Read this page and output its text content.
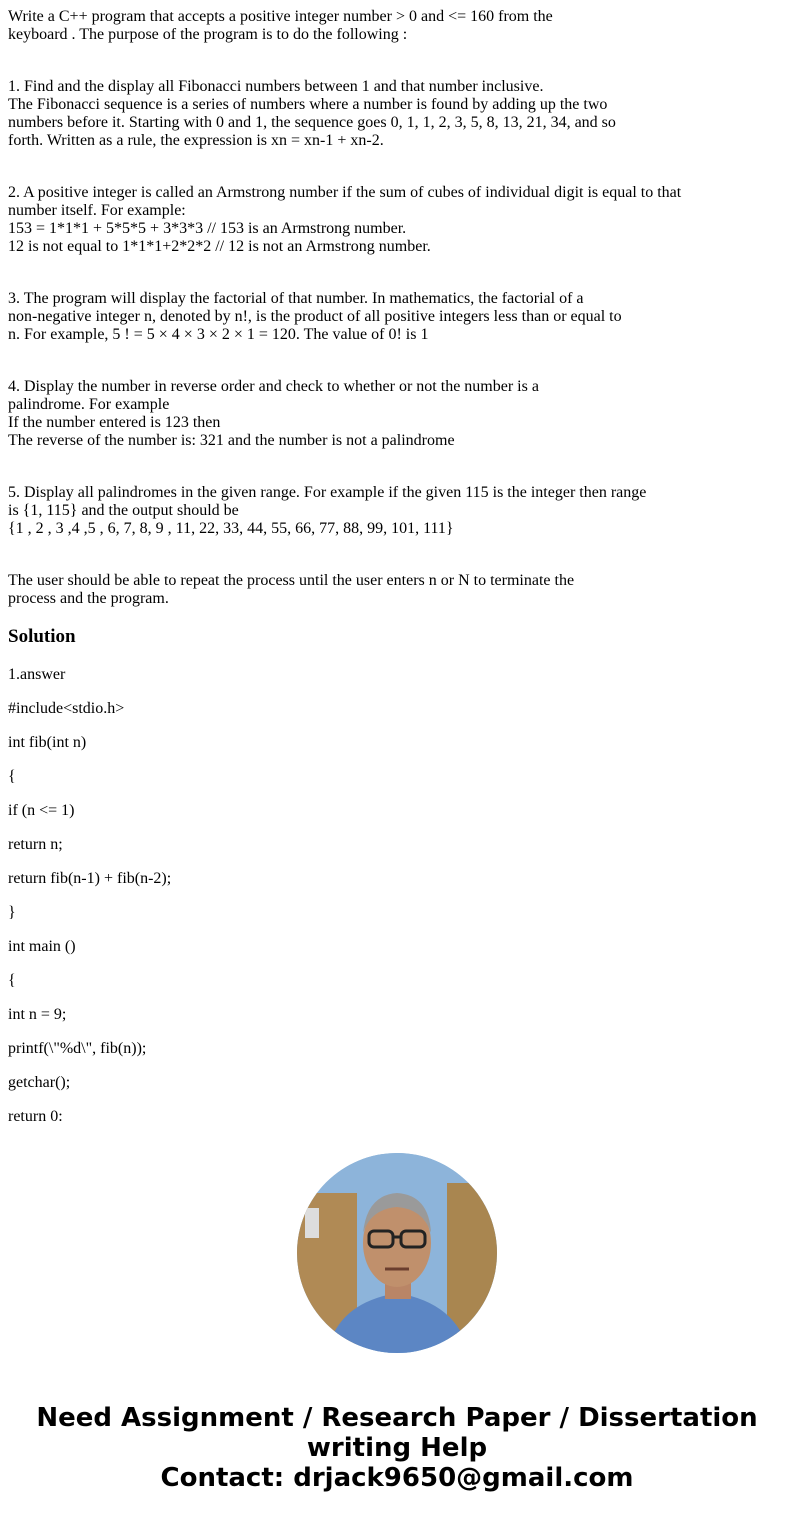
Write a C++ program that accepts a positive integer number > 0 and <= 160 from the
keyboard . The purpose of the program is to do the following :

1. Find and the display all Fibonacci numbers between 1 and that number inclusive.
The Fibonacci sequence is a series of numbers where a number is found by adding up the two
numbers before it. Starting with 0 and 1, the sequence goes 0, 1, 1, 2, 3, 5, 8, 13, 21, 34, and so
forth. Written as a rule, the expression is xn = xn-1 + xn-2.

2. A positive integer is called an Armstrong number if the sum of cubes of individual digit is equal to that
number itself. For example:
153 = 1*1*1 + 5*5*5 + 3*3*3 // 153 is an Armstrong number.
12 is not equal to 1*1*1+2*2*2 // 12 is not an Armstrong number.

3. The program will display the factorial of that number. In mathematics, the factorial of a
non-negative integer n, denoted by n!, is the product of all positive integers less than or equal to
n. For example, 5 ! = 5 × 4 × 3 × 2 × 1 = 120. The value of 0! is 1

4. Display the number in reverse order and check to whether or not the number is a
palindrome. For example
If the number entered is 123 then
The reverse of the number is: 321 and the number is not a palindrome

5. Display all palindromes in the given range. For example if the given 115 is the integer then range
is {1, 115} and the output should be
{1 , 2 , 3 ,4 ,5 , 6, 7, 8, 9 , 11, 22, 33, 44, 55, 66, 77, 88, 99, 101, 111}

The user should be able to repeat the process until the user enters n or N to terminate the
process and the program.

Solution

1.answer

#include<stdio.h>

int fib(int n)

{

if (n <= 1)

return n;

return fib(n-1) + fib(n-2);

}

int main ()

{

int n = 9;

printf(\"%d\", fib(n));

getchar();

return 0:

Need Assignment / Research Paper / Dissertation
writing Help
Contact: drjack9650@gmail.com
